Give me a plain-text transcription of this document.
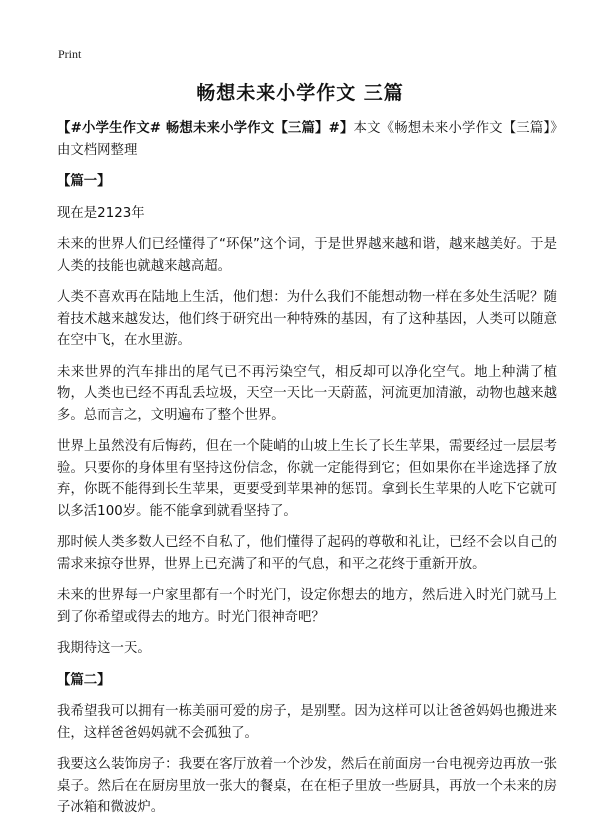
Print
畅想未来小学作文 三篇

【#小学生作文# 畅想未来小学作文【三篇】#】本文《畅想未来小学作文【三篇】》由文档网整理

【篇一】

现在是2123年

未来的世界人们已经懂得了“环保”这个词，于是世界越来越和谐，越来越美好。于是人类的技能也就越来越高超。

人类不喜欢再在陆地上生活，他们想：为什么我们不能想动物一样在多处生活呢？随着技术越来越发达，他们终于研究出一种特殊的基因，有了这种基因，人类可以随意在空中飞，在水里游。

未来世界的汽车排出的尾气已不再污染空气，相反却可以净化空气。地上种满了植物，人类也已经不再乱丢垃圾，天空一天比一天蔚蓝，河流更加清澈，动物也越来越多。总而言之，文明遍布了整个世界。

世界上虽然没有后悔药，但在一个陡峭的山坡上生长了长生苹果，需要经过一层层考验。只要你的身体里有坚持这份信念，你就一定能得到它；但如果你在半途选择了放弃，你既不能得到长生苹果，更要受到苹果神的惩罚。拿到长生苹果的人吃下它就可以多活100岁。能不能拿到就看坚持了。

那时候人类多数人已经不自私了，他们懂得了起码的尊敬和礼让，已经不会以自己的需求来掠夺世界，世界上已充满了和平的气息，和平之花终于重新开放。

未来的世界每一户家里都有一个时光门，设定你想去的地方，然后进入时光门就马上到了你希望或得去的地方。时光门很神奇吧？

我期待这一天。

【篇二】

我希望我可以拥有一栋美丽可爱的房子，是别墅。因为这样可以让爸爸妈妈也搬进来住，这样爸爸妈妈就不会孤独了。

我要这么装饰房子：我要在客厅放着一个沙发，然后在前面房一台电视旁边再放一张桌子。然后在在厨房里放一张大的餐桌，在在柜子里放一些厨具，再放一个未来的房子冰箱和微波炉。
